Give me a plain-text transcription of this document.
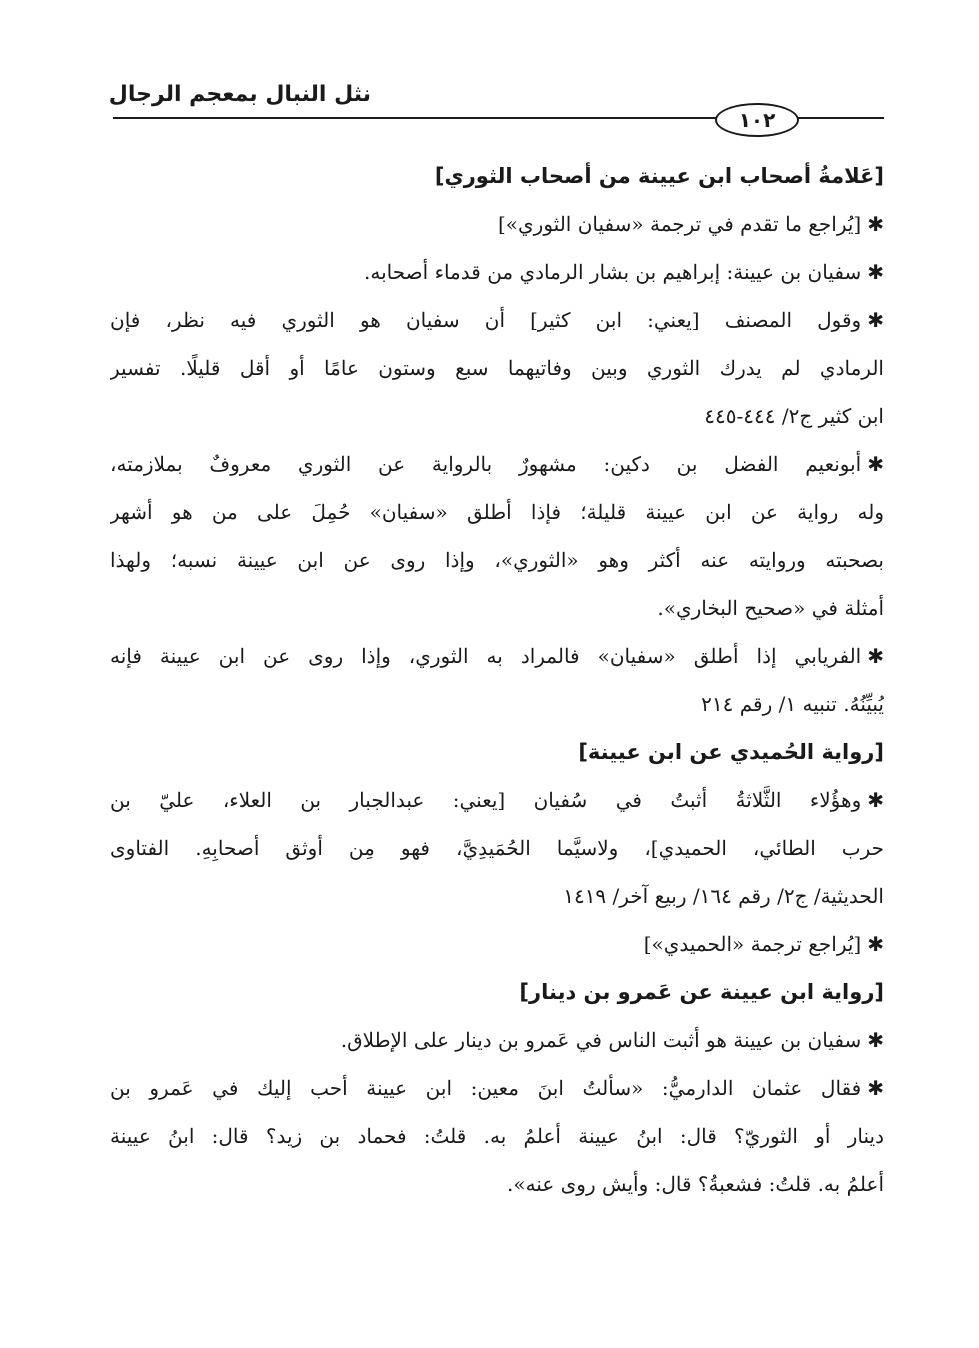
نثل النبال بمعجم الرجال
١٠٢
[عَلامةُ أصحاب ابن عيينة من أصحاب الثوري]
✱[يُراجع ما تقدم في ترجمة «سفيان الثوري»]
✱سفيان بن عيينة: إبراهيم بن بشار الرمادي من قدماء أصحابه.
✱وقول المصنف [يعني: ابن كثير] أن سفيان هو الثوري فيه نظر، فإن
الرمادي لم يدرك الثوري وبين وفاتيهما سبع وستون عامًا أو أقل قليلًا. تفسير
ابن كثير ج٢/ ٤٤٤-٤٤٥
✱أبونعيم الفضل بن دكين: مشهورٌ بالرواية عن الثوري معروفٌ بملازمته،
وله رواية عن ابن عيينة قليلة؛ فإذا أطلق «سفيان» حُمِلَ على من هو أشهر
بصحبته وروايته عنه أكثر وهو «الثوري»، وإذا روى عن ابن عيينة نسبه؛ ولهذا
أمثلة في «صحيح البخاري».
✱الفريابي إذا أطلق «سفيان» فالمراد به الثوري، وإذا روى عن ابن عيينة فإنه
يُبيِّنُهُ. تنبيه ١/ رقم ٢١٤
[رواية الحُميدي عن ابن عيينة]
✱وهؤُلاء الثَّلاثةُ أثبتُ في سُفيان [يعني: عبدالجبار بن العلاء، عليّ بن
حرب الطائي، الحميدي]، ولاسيَّما الحُمَيدِيَّ، فهو مِن أوثق أصحابِهِ. الفتاوى
الحديثية/ ج٢/ رقم ١٦٤/ ربيع آخر/ ١٤١٩
✱[يُراجع ترجمة «الحميدي»]
[رواية ابن عيينة عن عَمرو بن دينار]
✱سفيان بن عيينة هو أثبت الناس في عَمرو بن دينار على الإطلاق.
✱فقال عثمان الدارميُّ: «سألتُ ابنَ معين: ابن عيينة أحب إليك في عَمرو بن
دينار أو الثوريّ؟ قال: ابنُ عيينة أعلمُ به. قلتُ: فحماد بن زيد؟ قال: ابنُ عيينة
أعلمُ به. قلتُ: فشعبةُ؟ قال: وأيش روى عنه».
